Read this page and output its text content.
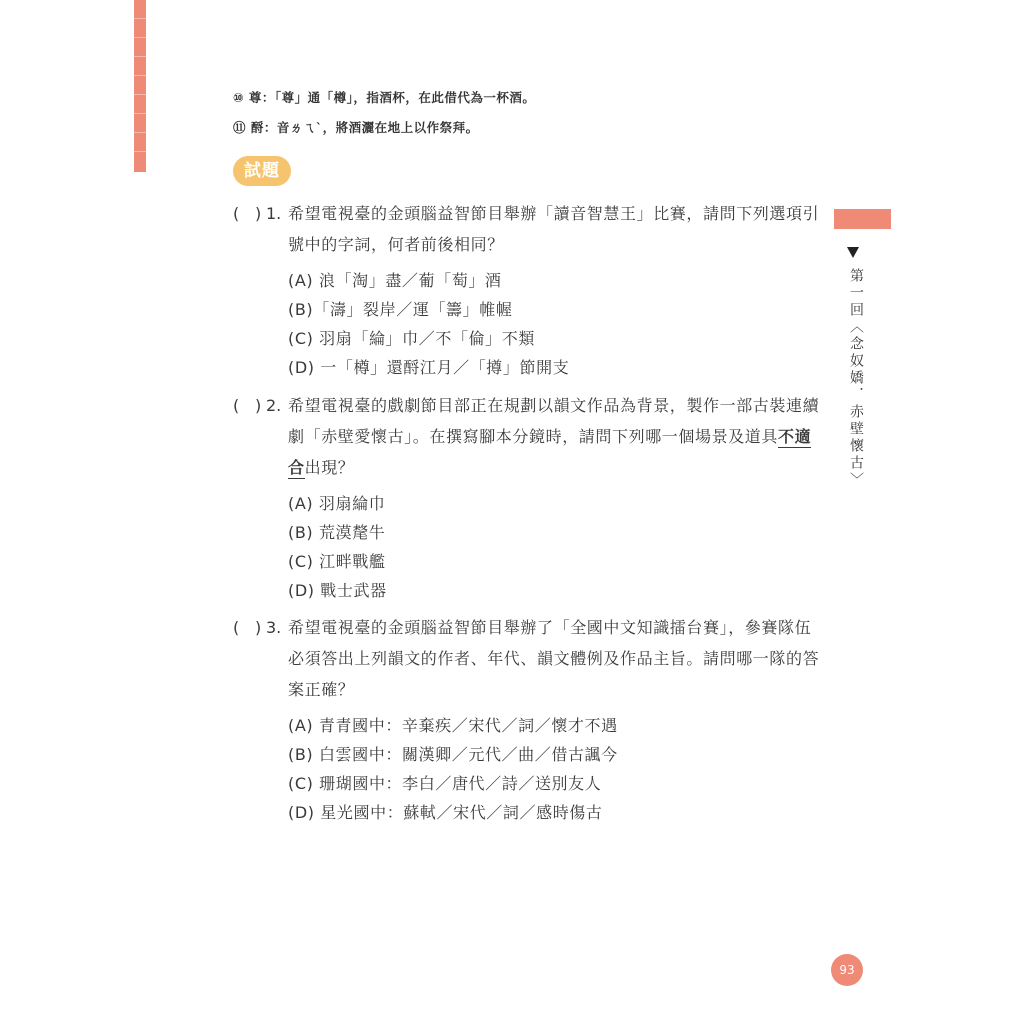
⑩ 尊：「尊」通「樽」，指酒杯，在此借代為一杯酒。
⑪ 酹：音ㄌㄟˋ，將酒灑在地上以作祭拜。
試題
( ) 1. 希望電視臺的金頭腦益智節目舉辦「讀音智慧王」比賽，請問下列選項引號中的字詞，何者前後相同？
(A) 浪「淘」盡／葡「萄」酒
(B)「濤」裂岸／運「籌」帷幄
(C) 羽扇「綸」巾／不「倫」不類
(D) 一「樽」還酹江月／「撙」節開支
( ) 2. 希望電視臺的戲劇節目部正在規劃以韻文作品為背景，製作一部古裝連續劇「赤壁愛懷古」。在撰寫腳本分鏡時，請問下列哪一個場景及道具不適合出現？
(A) 羽扇綸巾
(B) 荒漠氂牛
(C) 江畔戰艦
(D) 戰士武器
( ) 3. 希望電視臺的金頭腦益智節目舉辦了「全國中文知識擂台賽」，參賽隊伍必須答出上列韻文的作者、年代、韻文體例及作品主旨。請問哪一隊的答案正確？
(A) 青青國中：辛棄疾／宋代／詞／懷才不遇
(B) 白雲國中：關漢卿／元代／曲／借古諷今
(C) 珊瑚國中：李白／唐代／詩／送別友人
(D) 星光國中：蘇軾／宋代／詞／感時傷古
第一回〈念奴嬌．赤壁懷古〉
93
